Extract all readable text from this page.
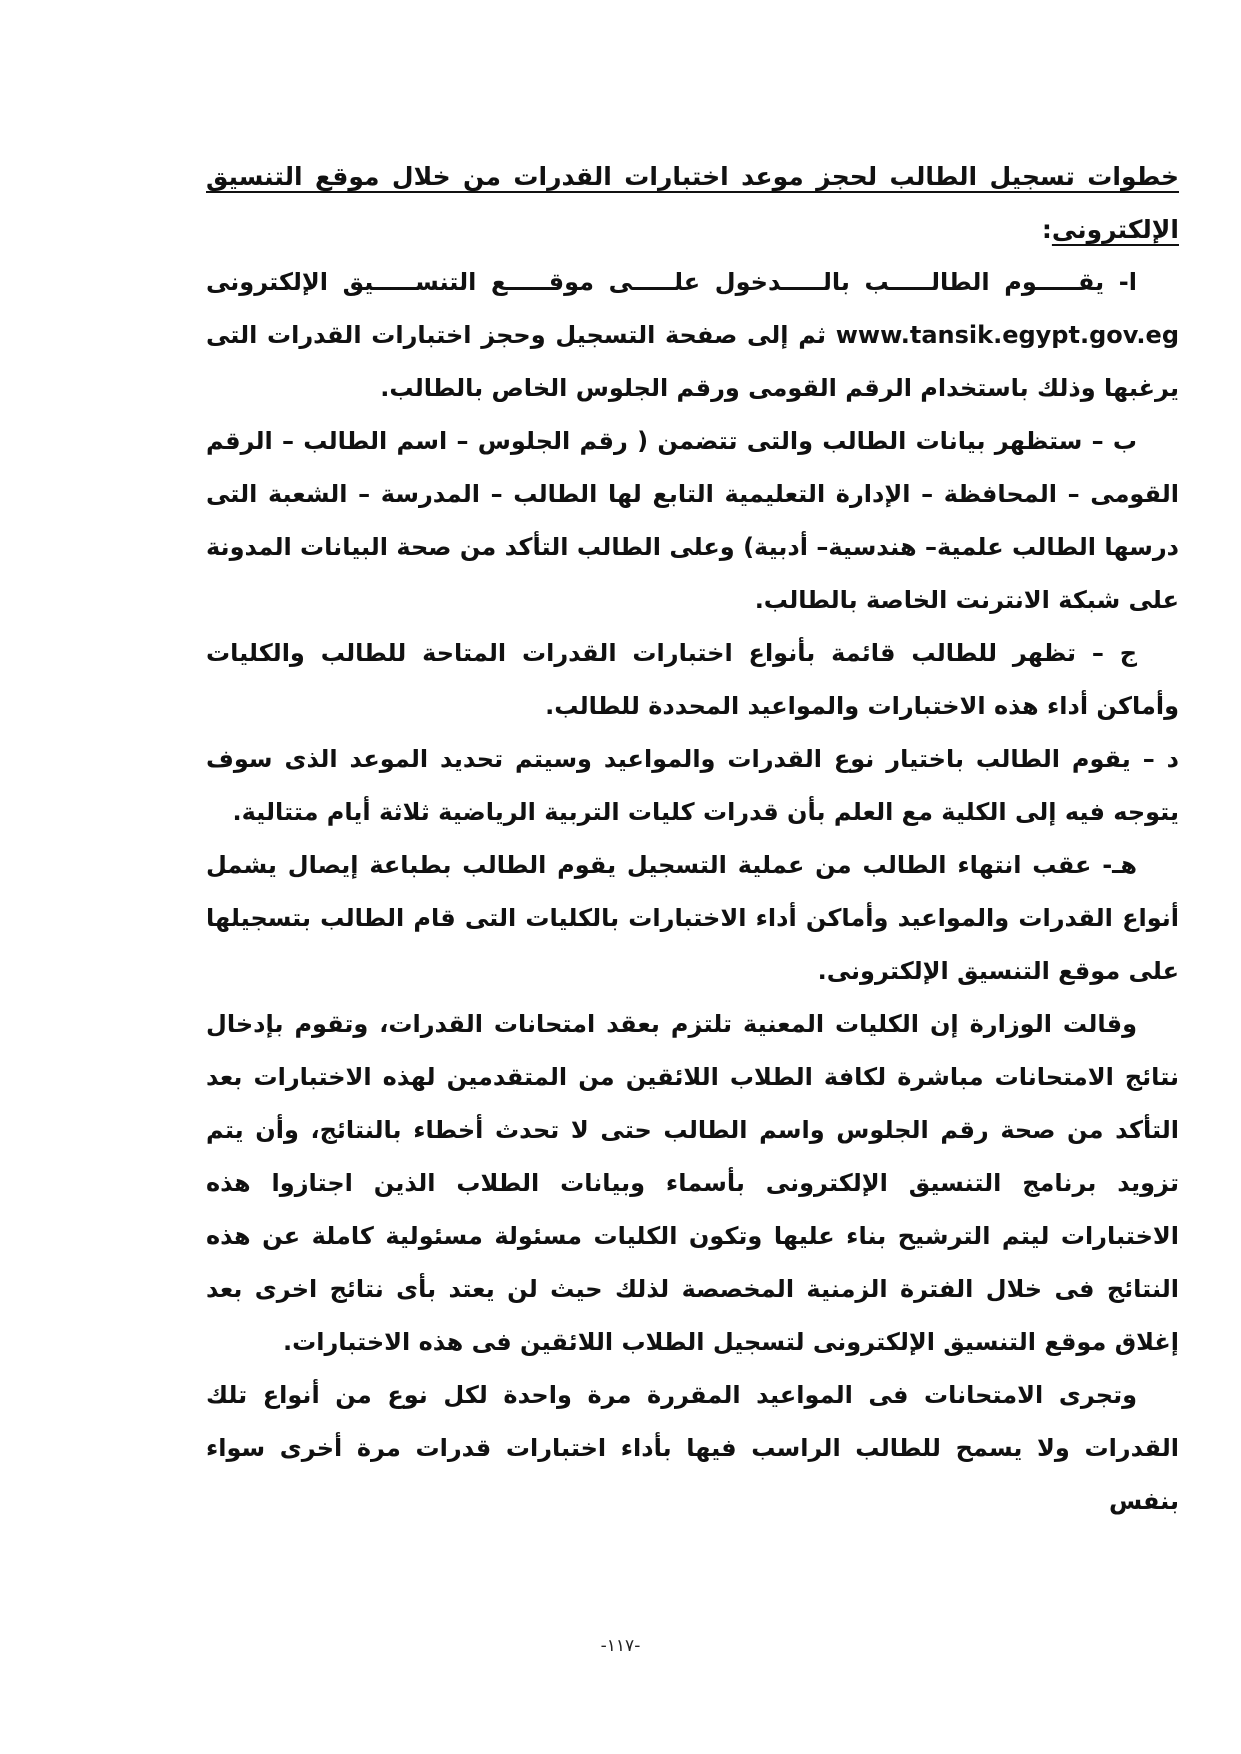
خطوات تسجيل الطالب لحجز موعد اختبارات القدرات من خلال موقع التنسيق الإلكترونى:

ا- يقـــــوم الطالـــــب بالـــــدخول علـــــى موقـــــع التنســـــيق الإلكترونى www.tansik.egypt.gov.eg ثم إلى صفحة التسجيل وحجز اختبارات القدرات التى يرغبها وذلك باستخدام الرقم القومى ورقم الجلوس الخاص بالطالب.

ب – ستظهر بيانات الطالب والتى تتضمن ( رقم الجلوس – اسم الطالب – الرقم القومى – المحافظة – الإدارة التعليمية التابع لها الطالب – المدرسة – الشعبة التى درسها الطالب علمية– هندسية– أدبية) وعلى الطالب التأكد من صحة البيانات المدونة على شبكة الانترنت الخاصة بالطالب.

ج – تظهر للطالب قائمة بأنواع اختبارات القدرات المتاحة للطالب والكليات وأماكن أداء هذه الاختبارات والمواعيد المحددة للطالب.

د – يقوم الطالب باختيار نوع القدرات والمواعيد وسيتم تحديد الموعد الذى سوف يتوجه فيه إلى الكلية مع العلم بأن قدرات كليات التربية الرياضية ثلاثة أيام متتالية.

هـ- عقب انتهاء الطالب من عملية التسجيل يقوم الطالب بطباعة إيصال يشمل أنواع القدرات والمواعيد وأماكن أداء الاختبارات بالكليات التى قام الطالب بتسجيلها على موقع التنسيق الإلكترونى.

وقالت الوزارة إن الكليات المعنية تلتزم بعقد امتحانات القدرات، وتقوم بإدخال نتائج الامتحانات مباشرة لكافة الطلاب اللائقين من المتقدمين لهذه الاختبارات بعد التأكد من صحة رقم الجلوس واسم الطالب حتى لا تحدث أخطاء بالنتائج، وأن يتم تزويد برنامج التنسيق الإلكترونى بأسماء وبيانات الطلاب الذين اجتازوا هذه الاختبارات ليتم الترشيح بناء عليها وتكون الكليات مسئولة مسئولية كاملة عن هذه النتائج فى خلال الفترة الزمنية المخصصة لذلك حيث لن يعتد بأى نتائج اخرى بعد إغلاق موقع التنسيق الإلكترونى لتسجيل الطلاب اللائقين فى هذه الاختبارات.

وتجرى الامتحانات فى المواعيد المقررة مرة واحدة لكل نوع من أنواع تلك القدرات ولا يسمح للطالب الراسب فيها بأداء اختبارات قدرات مرة أخرى سواء بنفس

-١١٧-
